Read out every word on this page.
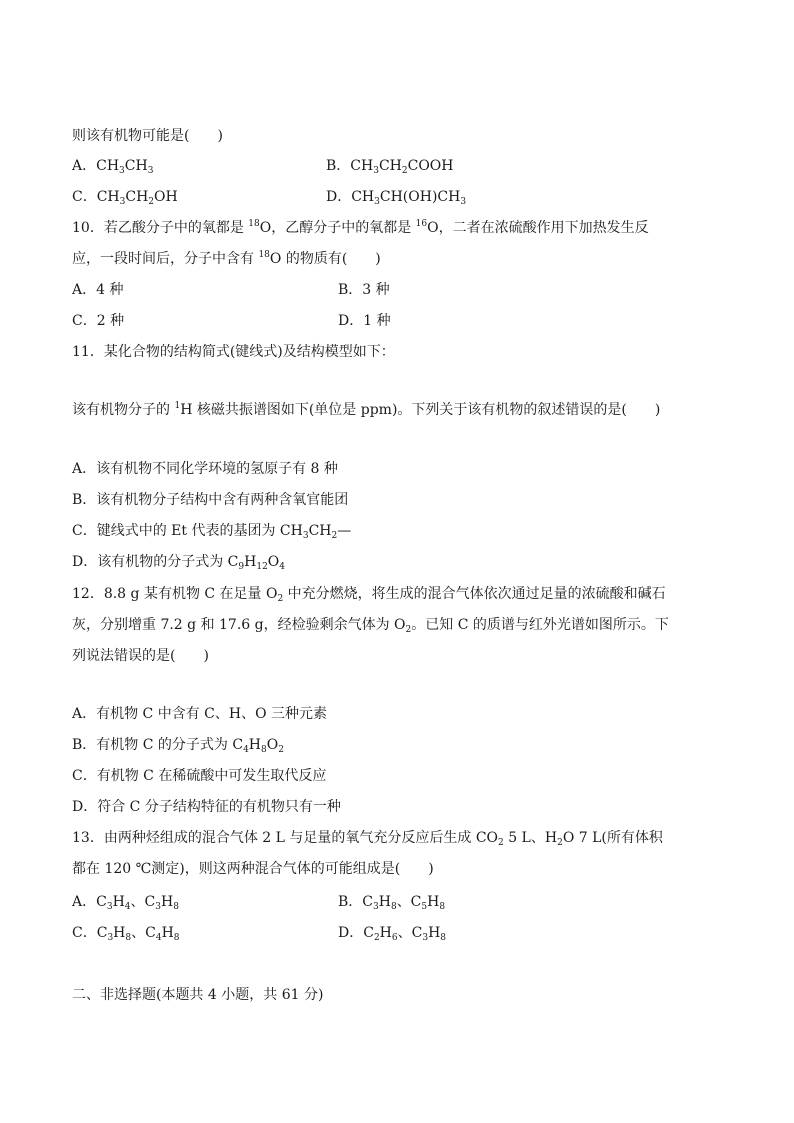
则该有机物可能是(　　)
A．$CH_3CH_3$	B．$CH_3CH_2COOH$
C．$CH_3CH_2OH$	D．$CH_3CH(OH)CH_3$
10．若乙酸分子中的氧都是 $^{18}$O，乙醇分子中的氧都是 $^{16}$O，二者在浓硫酸作用下加热发生反
应，一段时间后，分子中含有 $^{18}$O 的物质有(　　)
A．4 种	B．3 种
C．2 种	D．1 种
11．某化合物的结构简式(键线式)及结构模型如下：
该有机物分子的 $^1$H 核磁共振谱图如下(单位是 ppm)。下列关于该有机物的叙述错误的是(　　)
A．该有机物不同化学环境的氢原子有 8 种
B．该有机物分子结构中含有两种含氧官能团
C．键线式中的 Et 代表的基团为 $CH_3CH_2—$
D．该有机物的分子式为 $C_9H_{12}O_4$
12．8.8 g 某有机物 C 在足量 $O_2$ 中充分燃烧，将生成的混合气体依次通过足量的浓硫酸和碱石
灰，分别增重 7.2 g 和 17.6 g，经检验剩余气体为 $O_2$。已知 C 的质谱与红外光谱如图所示。下
列说法错误的是(　　)
A．有机物 C 中含有 C、H、O 三种元素
B．有机物 C 的分子式为 $C_4H_8O_2$
C．有机物 C 在稀硫酸中可发生取代反应
D．符合 C 分子结构特征的有机物只有一种
13．由两种烃组成的混合气体 2 L 与足量的氧气充分反应后生成 $CO_2$ 5 L、$H_2O$ 7 L(所有体积
都在 120 ℃测定)，则这两种混合气体的可能组成是(　　)
A．$C_3H_4$、$C_3H_8$	B．$C_3H_8$、$C_5H_8$
C．$C_3H_8$、$C_4H_8$	D．$C_2H_6$、$C_3H_8$
二、非选择题(本题共 4 小题，共 61 分)
